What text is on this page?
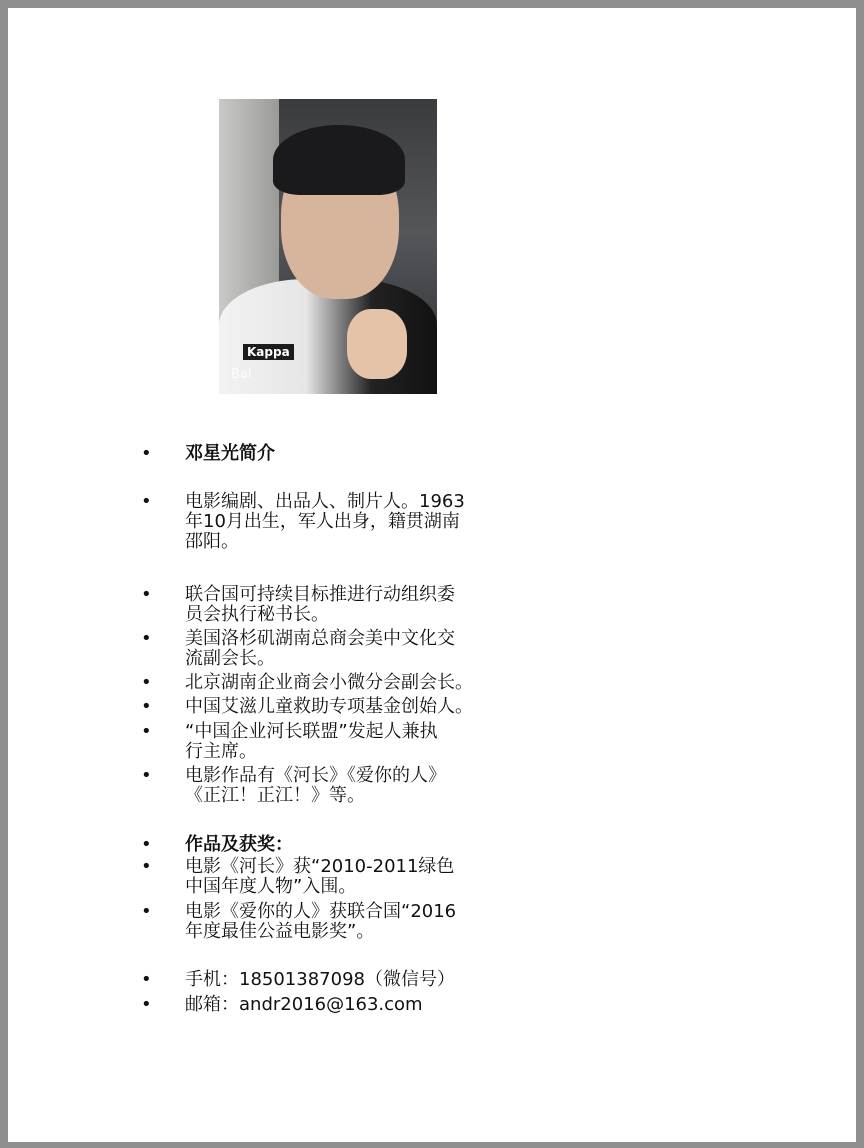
Kappa
Bai
• 邓星光简介
• 电影编剧、出品人、制片人。1963
年10月出生，军人出身，籍贯湖南
邵阳。
• 联合国可持续目标推进行动组织委
员会执行秘书长。
• 美国洛杉矶湖南总商会美中文化交
流副会长。
• 北京湖南企业商会小微分会副会长。
• 中国艾滋儿童救助专项基金创始人。
• “中国企业河长联盟”发起人兼执
行主席。
• 电影作品有《河长》《爱你的人》
《正江！正江！》等。
• 作品及获奖：
• 电影《河长》获“2010-2011绿色
中国年度人物”入围。
• 电影《爱你的人》获联合国“2016
年度最佳公益电影奖”。
• 手机：18501387098（微信号）
• 邮箱：andr2016@163.com
